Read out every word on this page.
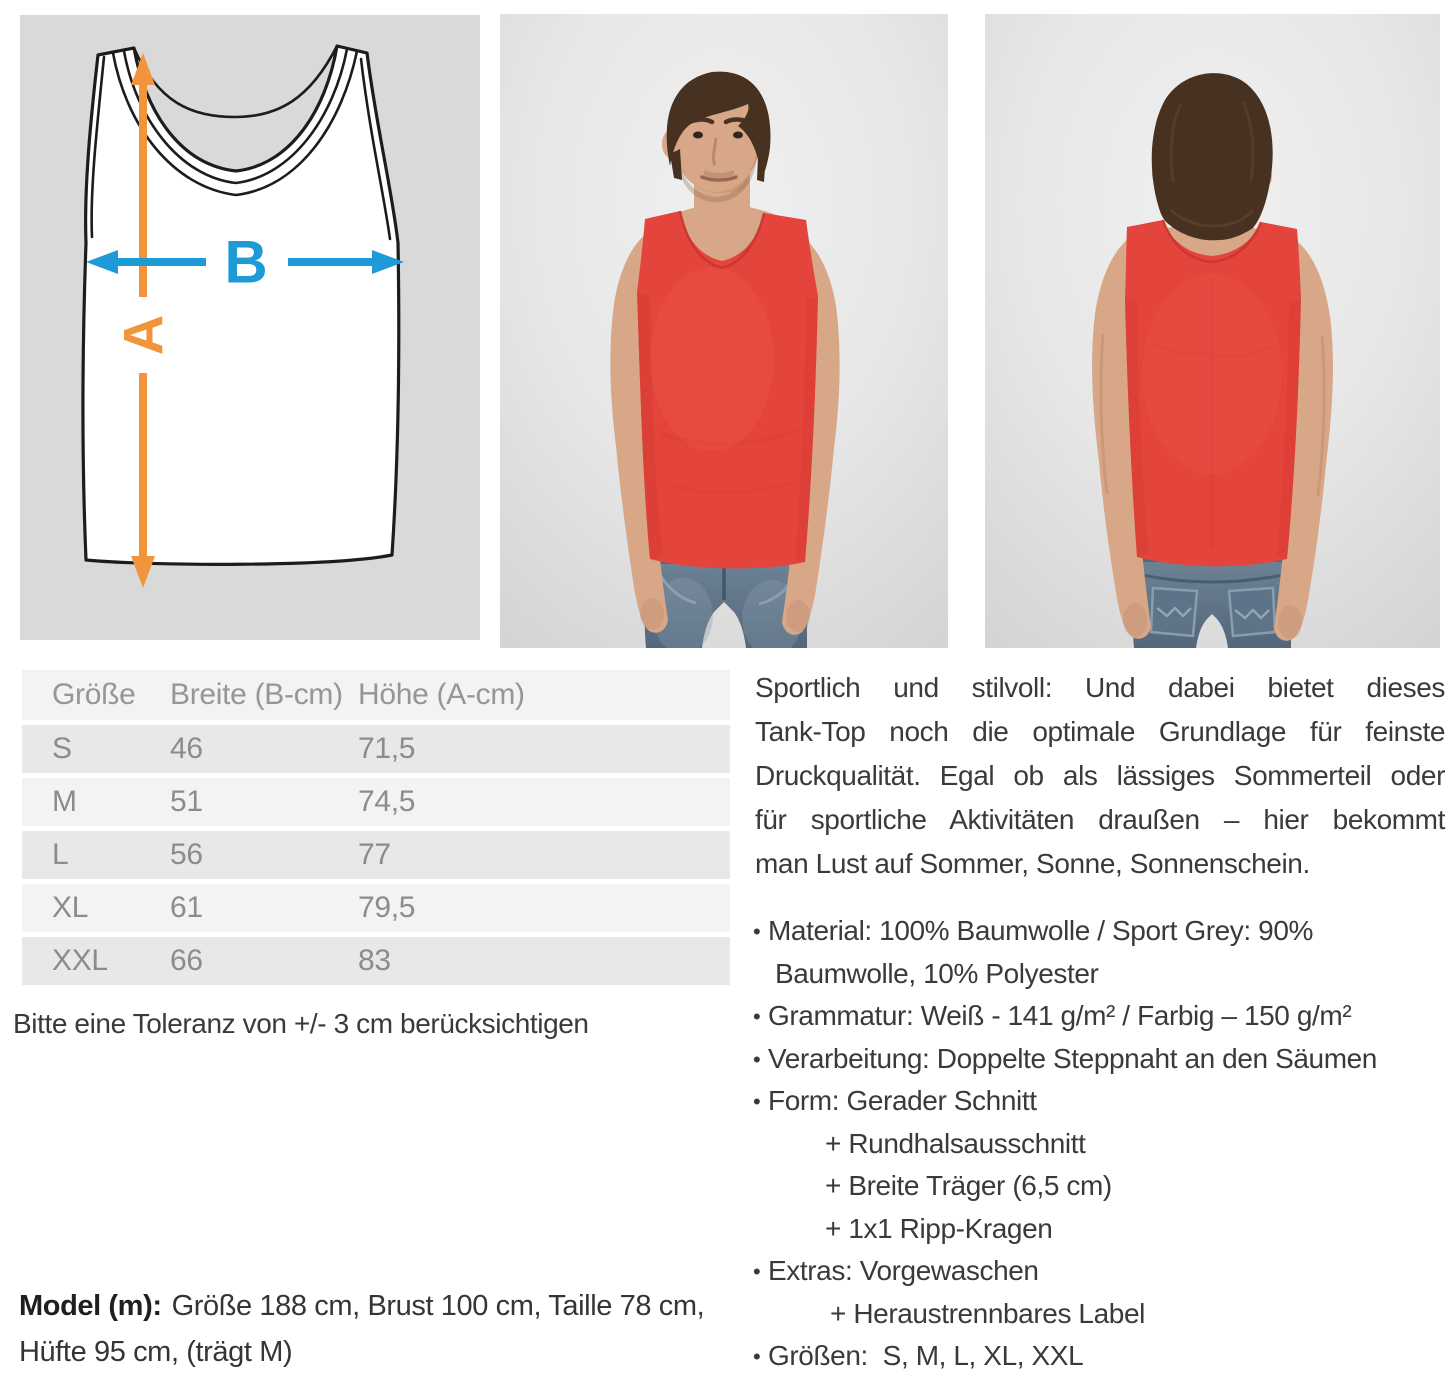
A
B
Größe	Breite (B-cm) Höhe (A-cm)
S	46	71,5
M	51	74,5
L	56	77
XL	61	79,5
XXL	66	83
Bitte eine Toleranz von +/- 3 cm berücksichtigen
Model (m): Größe 188 cm, Brust 100 cm, Taille 78 cm,
Hüfte 95 cm, (trägt M)
Sportlich und stilvoll: Und dabei bietet dieses
Tank-Top noch die optimale Grundlage für feinste
Druckqualität. Egal ob als lässiges Sommerteil oder
für sportliche Aktivitäten draußen – hier bekommt
man Lust auf Sommer, Sonne, Sonnenschein.
• Material: 100% Baumwolle / Sport Grey: 90%
Baumwolle, 10% Polyester
• Grammatur: Weiß - 141 g/m² / Farbig – 150 g/m²
• Verarbeitung: Doppelte Steppnaht an den Säumen
• Form: Gerader Schnitt
+ Rundhalsausschnitt
+ Breite Träger (6,5 cm)
+ 1x1 Ripp-Kragen
• Extras: Vorgewaschen
+ Heraustrennbares Label
• Größen:  S, M, L, XL, XXL
